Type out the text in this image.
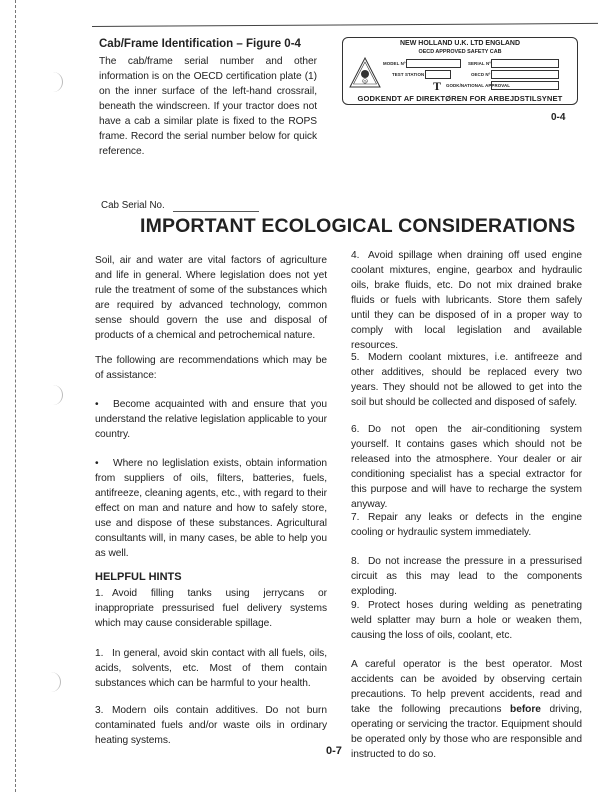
Cab/Frame Identification – Figure 0-4
The cab/frame serial number and other information is on the OECD certification plate (1) on the inner surface of the left-hand crossrail, beneath the windscreen. If your tractor does not have a cab a similar plate is fixed to the ROPS frame. Record the serial number below for quick reference.
NEW HOLLAND U.K. LTD ENGLAND
OECD APPROVED SAFETY CAB
G
MODEL Nº	SERIAL Nº
TEST STATION	OECD Nº
T GODK/NATIONAL APPROVAL
GODKENDT AF DIREKTØREN FOR ARBEJDSTILSYNET
0-4
Cab Serial No.
IMPORTANT ECOLOGICAL CONSIDERATIONS
Soil, air and water are vital factors of agriculture and life in general. Where legislation does not yet rule the treatment of some of the substances which are required by advanced technology, common sense should govern the use and disposal of products of a chemical and petrochemical nature.
The following are recommendations which may be of assistance:
• Become acquainted with and ensure that you understand the relative legislation applicable to your country.
• Where no leglislation exists, obtain information from suppliers of oils, filters, batteries, fuels, antifreeze, cleaning agents, etc., with regard to their effect on man and nature and how to safely store, use and dispose of these substances. Agricultural consultants will, in many cases, be able to help you as well.
HELPFUL HINTS
1. Avoid filling tanks using jerrycans or inappropriate pressurised fuel delivery systems which may cause considerable spillage.
1. In general, avoid skin contact with all fuels, oils, acids, solvents, etc. Most of them contain substances which can be harmful to your health.
3. Modern oils contain additives. Do not burn contaminated fuels and/or waste oils in ordinary heating systems.
4. Avoid spillage when draining off used engine coolant mixtures, engine, gearbox and hydraulic oils, brake fluids, etc. Do not mix drained brake fluids or fuels with lubricants. Store them safely until they can be disposed of in a proper way to comply with local legislation and available resources.
5. Modern coolant mixtures, i.e. antifreeze and other additives, should be replaced every two years. They should not be allowed to get into the soil but should be collected and disposed of safely.
6. Do not open the air-conditioning system yourself. It contains gases which should not be released into the atmosphere. Your dealer or air conditioning specialist has a special extractor for this purpose and will have to recharge the system anyway.
7. Repair any leaks or defects in the engine cooling or hydraulic system immediately.
8. Do not increase the pressure in a pressurised circuit as this may lead to the components exploding.
9. Protect hoses during welding as penetrating weld splatter may burn a hole or weaken them, causing the loss of oils, coolant, etc.
A careful operator is the best operator. Most accidents can be avoided by observing certain precautions. To help prevent accidents, read and take the following precautions before driving, operating or servicing the tractor. Equipment should be operated only by those who are responsible and instructed to do so.
0-7
